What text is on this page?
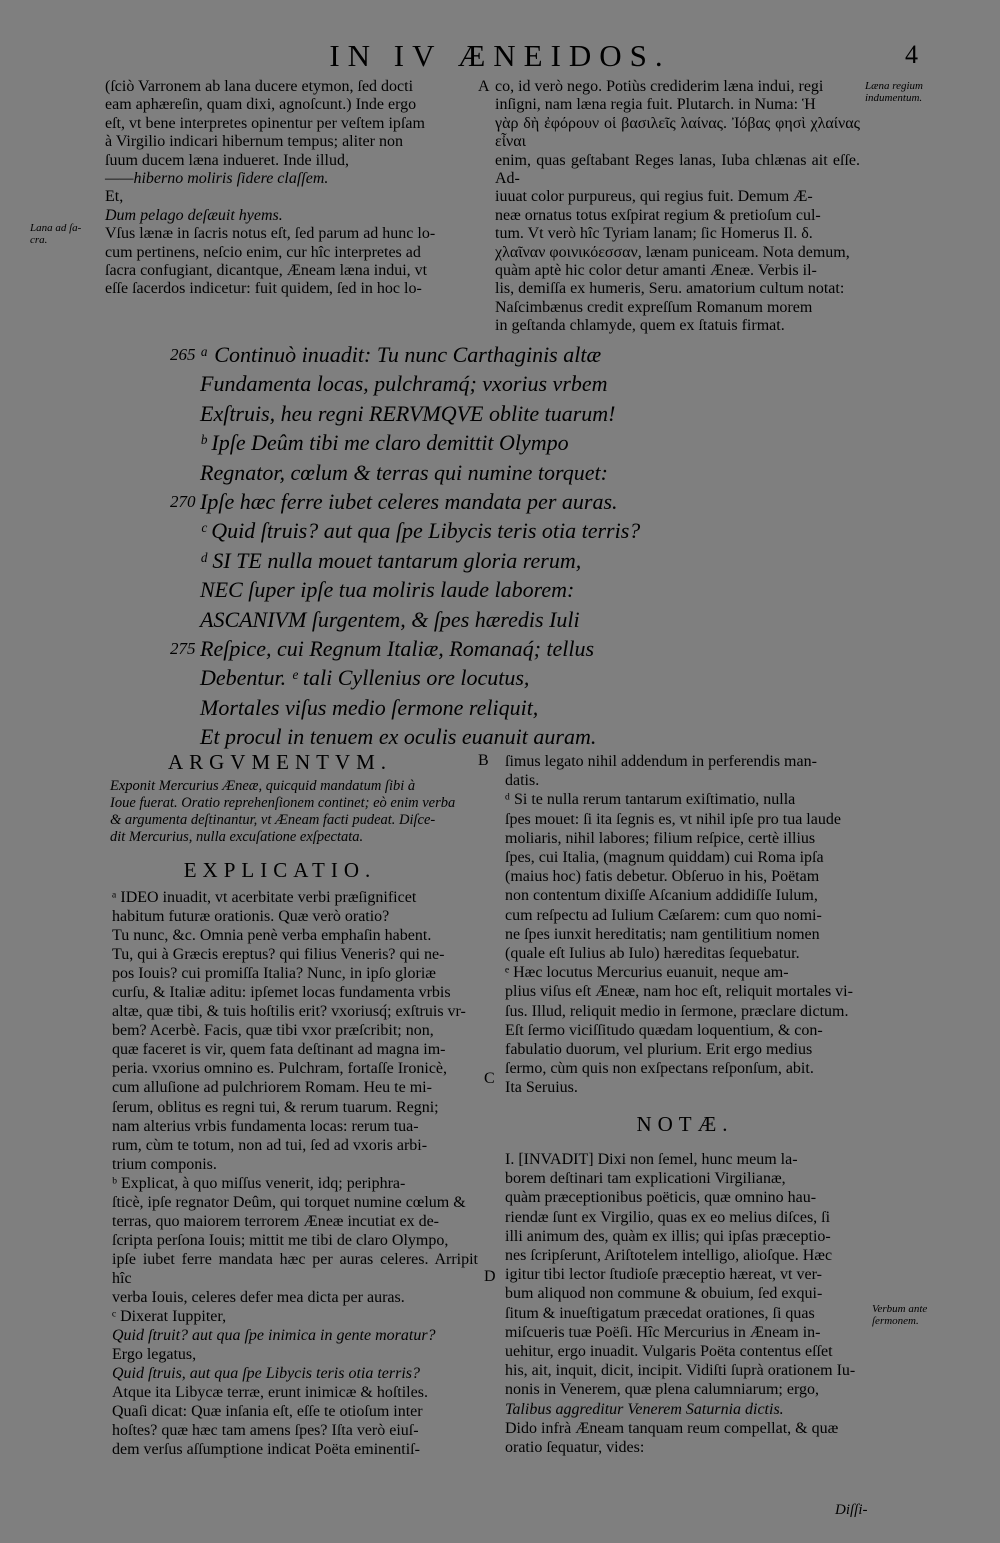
IN IV ÆNEIDOS.	4

(ſciò Varronem ab lana ducere etymon, ſed docti

eam aphæreſin, quam dixi, agnoſcunt.) Inde ergo

eſt, vt bene interpretes opinentur per veſtem ipſam

à Virgilio indicari hibernum tempus; aliter non

ſuum ducem læna indueret. Inde illud,

——hiberno moliris ſidere claſſem.

Et,

Dum pelago deſæuit hyems.

Vſus lænæ in ſacris notus eſt, ſed parum ad hunc lo-

cum pertinens, neſcio enim, cur hîc interpretes ad

ſacra confugiant, dicantque, Æneam læna indui, vt

eſſe ſacerdos indicetur: fuit quidem, ſed in hoc lo-

A co, id verò nego. Potiùs crediderim læna indui, regi

inſigni, nam læna regia fuit. Plutarch. in Numa: Ἡ

γὰρ δὴ ἐφόρουν οἱ βασιλεῖς λαίνας. Ἰόβας φησὶ χλαίνας εἶναι

enim, quas geſtabant Reges lanas, Iuba chlænas ait eſſe. Ad-

iuuat color purpureus, qui regius fuit. Demum Æ-

neæ ornatus totus exſpirat regium & pretioſum cul-

tum. Vt verò hîc Tyriam lanam; ſic Homerus Il. δ.

χλαῖναν φοινικόεσσαν, lænam puniceam. Nota demum,

quàm aptè hic color detur amanti Æneæ. Verbis il-

lis, demiſſa ex humeris, Seru. amatorium cultum notat:

Naſcimbænus credit expreſſum Romanum morem

in geſtanda chlamyde, quem ex ſtatuis firmat.

Lana ad ſa- cra.
Læna regium indumentum.
Verbum ante ſermonem.
265 ᵃ Continuò inuadit: Tu nunc Carthaginis altæ
Fundamenta locas, pulchramq́; vxorius vrbem
Exſtruis, heu regni RERVMQVE oblite tuarum!
ᵇ Ipſe Deûm tibi me claro demittit Olympo
Regnator, cœlum & terras qui numine torquet:
270 Ipſe hæc ferre iubet celeres mandata per auras.
ᶜ Quid ſtruis? aut qua ſpe Libycis teris otia terris?
ᵈ SI TE nulla mouet tantarum gloria rerum,
NEC ſuper ipſe tua moliris laude laborem:
ASCANIVM ſurgentem, & ſpes hæredis Iuli
275 Reſpice, cui Regnum Italiæ, Romanaq́; tellus
Debentur. ᵉ tali Cyllenius ore locutus,
Mortales viſus medio ſermone reliquit,
Et procul in tenuem ex oculis euanuit auram.
ARGVMENTVM.	B

Exponit Mercurius Æneæ, quicquid mandatum ſibi à

Ioue fuerat. Oratio reprehenſionem continet; eò enim verba

& argumenta deſtinantur, vt Æneam facti pudeat. Diſce-

dit Mercurius, nulla excuſatione exſpectata.

EXPLICATIO.

ᵃ IDEO inuadit, vt acerbitate verbi præſignificet

habitum futuræ orationis. Quæ verò oratio?

Tu nunc, &c. Omnia penè verba emphaſin habent.

Tu, qui à Græcis ereptus? qui filius Veneris? qui ne-

pos Iouis? cui promiſſa Italia? Nunc, in ipſo gloriæ

curſu, & Italiæ aditu: ipſemet locas fundamenta vrbis

altæ, quæ tibi, & tuis hoſtilis erit? vxoriusq́; exſtruis vr-

bem? Acerbè. Facis, quæ tibi vxor præſcribit; non,

quæ faceret is vir, quem fata deſtinant ad magna im-

peria. vxorius omnino es. Pulchram, fortaſſe Ironicè,

cum alluſione ad pulchriorem Romam. Heu te mi-

ſerum, oblitus es regni tui, & rerum tuarum. Regni;

nam alterius vrbis fundamenta locas: rerum tua-

rum, cùm te totum, non ad tui, ſed ad vxoris arbi-

trium componis.

ᵇ Explicat, à quo miſſus venerit, idq; periphra-

ſticè, ipſe regnator Deûm, qui torquet numine cœlum &

terras, quo maiorem terrorem Æneæ incutiat ex de-

ſcripta perſona Iouis; mittit me tibi de claro Olympo,

ipſe iubet ferre mandata hæc per auras celeres. Arripit hîc

verba Iouis, celeres defer mea dicta per auras.

ᶜ Dixerat Iuppiter,

Quid ſtruit? aut qua ſpe inimica in gente moratur?

Ergo legatus,

Quid ſtruis, aut qua ſpe Libycis teris otia terris?

Atque ita Libycæ terræ, erunt inimicæ & hoſtiles.

Quaſi dicat: Quæ inſania eſt, eſſe te otioſum inter

hoſtes? quæ hæc tam amens ſpes? Iſta verò eiuſ-

dem verſus aſſumptione indicat Poëta eminentiſ-

C
D

ſimus legato nihil addendum in perferendis man-

datis.

ᵈ Si te nulla rerum tantarum exiſtimatio, nulla

ſpes mouet: ſi ita ſegnis es, vt nihil ipſe pro tua laude

moliaris, nihil labores; filium reſpice, certè illius

ſpes, cui Italia, (magnum quiddam) cui Roma ipſa

(maius hoc) fatis debetur. Obſeruo in his, Poëtam

non contentum dixiſſe Aſcanium addidiſſe Iulum,

cum reſpectu ad Iulium Cæſarem: cum quo nomi-

ne ſpes iunxit hereditatis; nam gentilitium nomen

(quale eſt Iulius ab Iulo) hæreditas ſequebatur.

ᵉ Hæc locutus Mercurius euanuit, neque am-

plius viſus eſt Æneæ, nam hoc eſt, reliquit mortales vi-

ſus. Illud, reliquit medio in ſermone, præclare dictum.

Eſt ſermo viciſſitudo quædam loquentium, & con-

fabulatio duorum, vel plurium. Erit ergo medius

ſermo, cùm quis non exſpectans reſponſum, abit.

Ita Seruius.

NOTÆ.

I. [INVADIT] Dixi non ſemel, hunc meum la-

borem deſtinari tam explicationi Virgilianæ,

quàm præceptionibus poëticis, quæ omnino hau-

riendæ ſunt ex Virgilio, quas ex eo melius diſces, ſi

illi animum des, quàm ex illis; qui ipſas præceptio-

nes ſcripſerunt, Ariſtotelem intelligo, alioſque. Hæc

igitur tibi lector ſtudioſe præceptio hæreat, vt ver-

bum aliquod non commune & obuium, ſed exqui-

ſitum & inueſtigatum præcedat orationes, ſi quas

miſcueris tuæ Poëſi. Hîc Mercurius in Æneam in-

uehitur, ergo inuadit. Vulgaris Poëta contentus eſſet

his, ait, inquit, dicit, incipit. Vidiſti ſuprà orationem Iu-

nonis in Venerem, quæ plena calumniarum; ergo,

Talibus aggreditur Venerem Saturnia dictis.

Dido infrà Æneam tanquam reum compellat, & quæ

oratio ſequatur, vides:

Diſſi-
